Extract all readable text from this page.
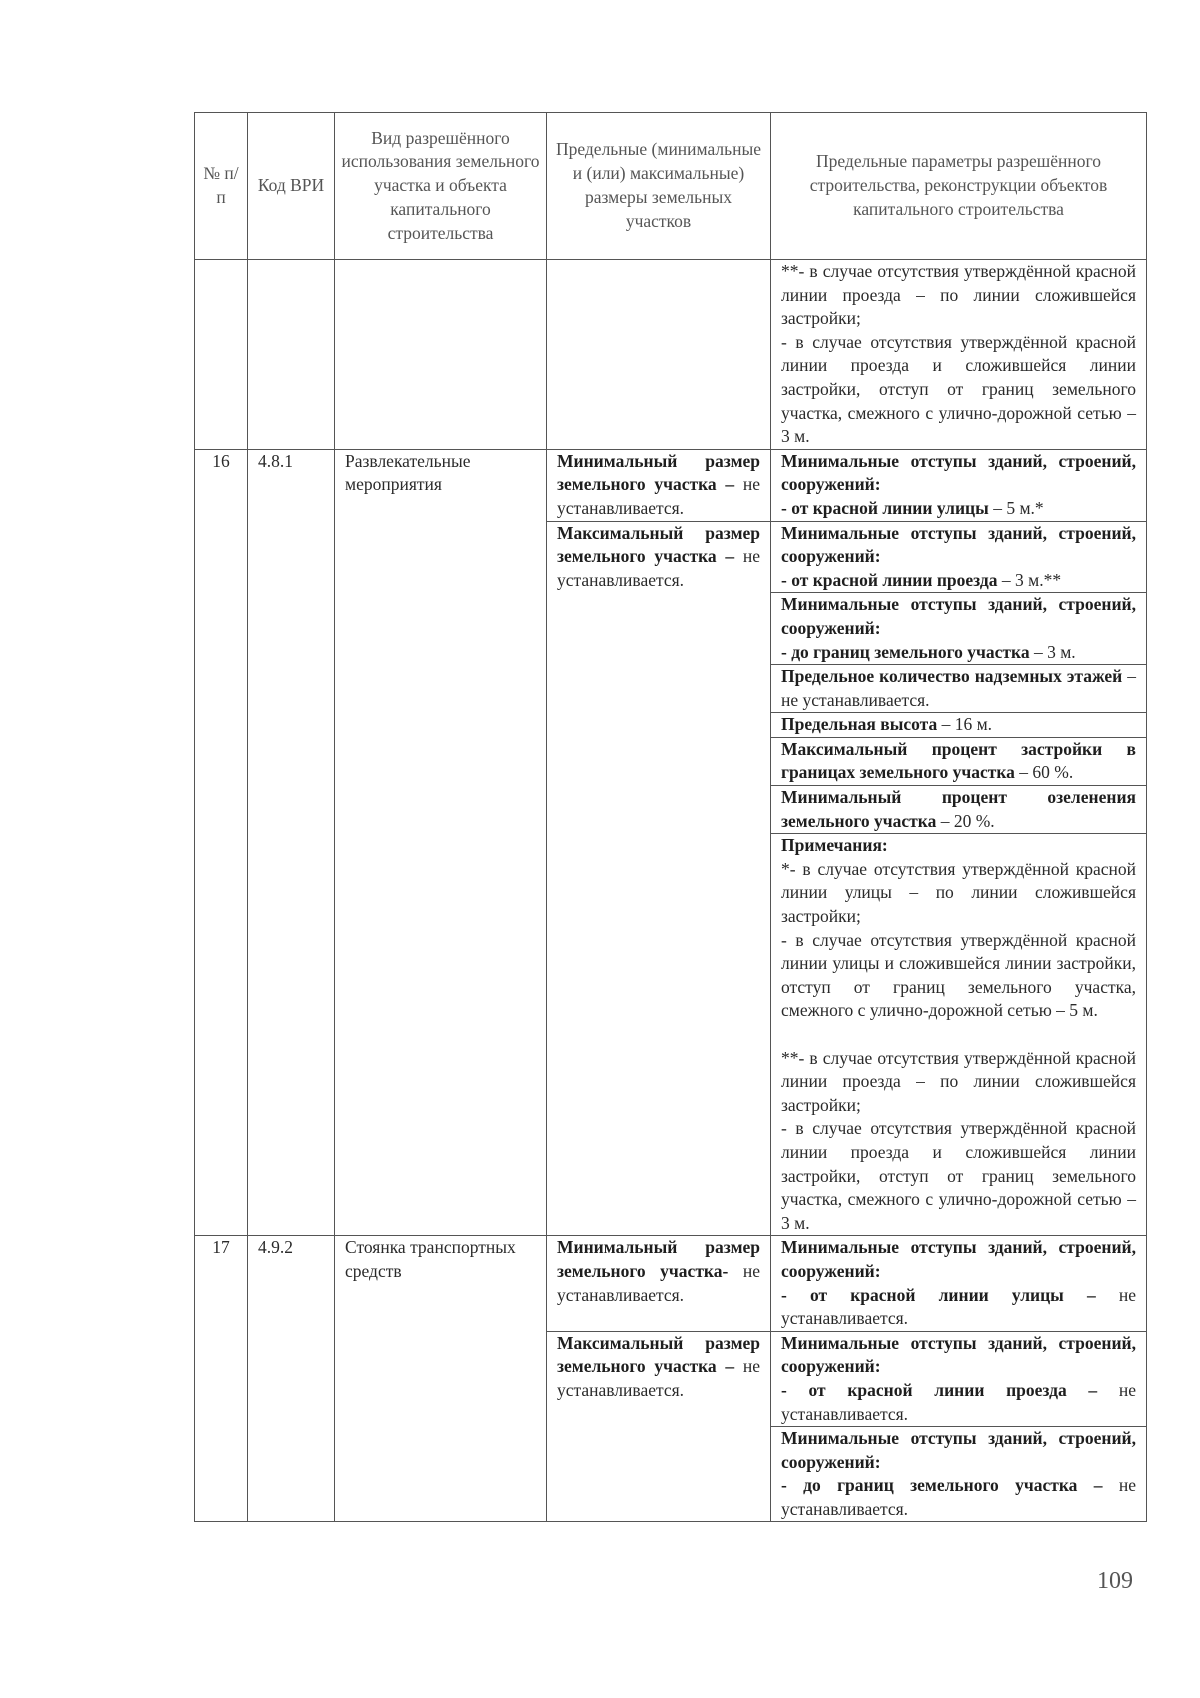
№ п/п	Код ВРИ	Вид разрешённого использования земельного участка и объекта капитального строительства	Предельные (минимальные и (или) максимальные) размеры земельных участков	Предельные параметры разрешённого строительства, реконструкции объектов капитального строительства

				**- в случае отсутствия утверждённой красной линии проезда – по линии сложившейся застройки;
- в случае отсутствия утверждённой красной линии проезда и сложившейся линии застройки, отступ от границ земельного участка, смежного с улично-дорожной сетью – 3 м.

16	4.8.1	Развлекательные мероприятия	Минимальный размер земельного участка – не устанавливается.	Минимальные отступы зданий, строений, сооружений:
- от красной линии улицы – 5 м.*
			Максимальный размер земельного участка – не устанавливается.	Минимальные отступы зданий, строений, сооружений:
- от красной линии проезда – 3 м.**
				Минимальные отступы зданий, строений, сооружений:
- до границ земельного участка – 3 м.
				Предельное количество надземных этажей – не устанавливается.
				Предельная высота – 16 м.
				Максимальный процент застройки в границах земельного участка – 60 %.
				Минимальный процент озеленения земельного участка – 20 %.
				Примечания:
*- в случае отсутствия утверждённой красной линии улицы – по линии сложившейся застройки;
- в случае отсутствия утверждённой красной линии улицы и сложившейся линии застройки, отступ от границ земельного участка, смежного с улично-дорожной сетью – 5 м.
**- в случае отсутствия утверждённой красной линии проезда – по линии сложившейся застройки;
- в случае отсутствия утверждённой красной линии проезда и сложившейся линии застройки, отступ от границ земельного участка, смежного с улично-дорожной сетью – 3 м.

17	4.9.2	Стоянка транспортных средств	Минимальный размер земельного участка- не устанавливается.	Минимальные отступы зданий, строений, сооружений:
- от красной линии улицы – не устанавливается.
			Максимальный размер земельного участка – не устанавливается.	Минимальные отступы зданий, строений, сооружений:
- от красной линии проезда – не устанавливается.
				Минимальные отступы зданий, строений, сооружений:
- до границ земельного участка – не устанавливается.
109
